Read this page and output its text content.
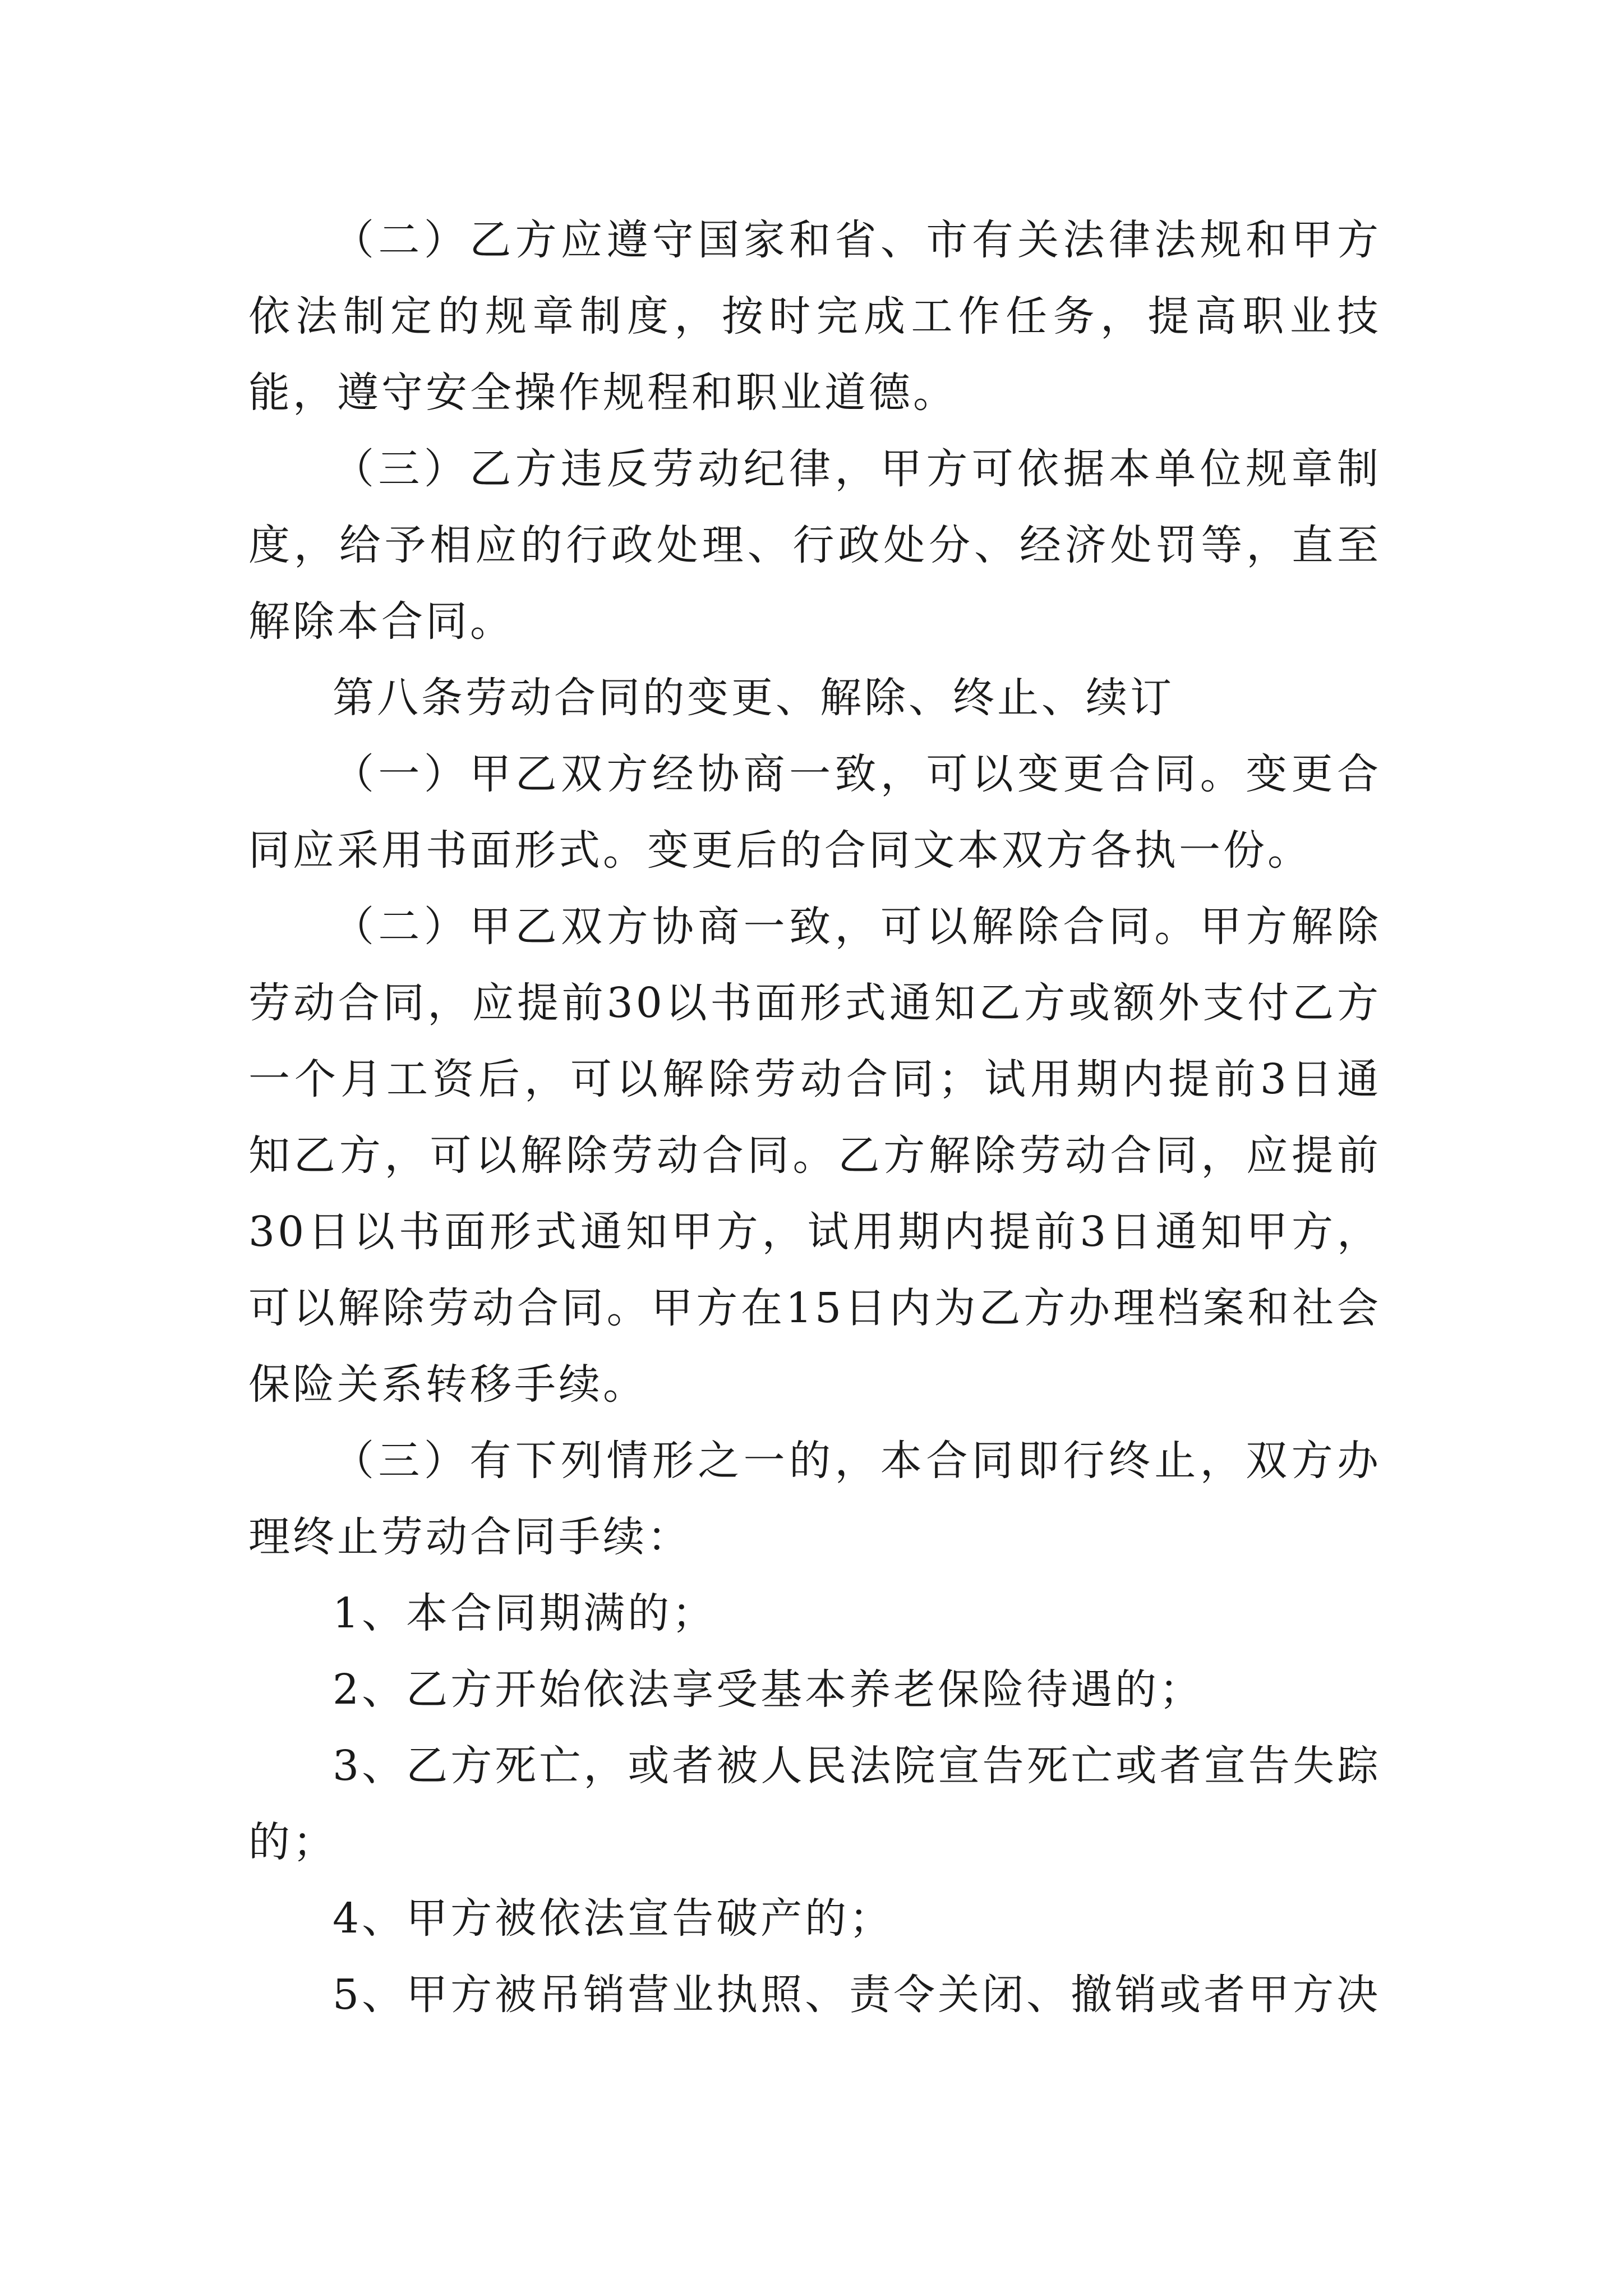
（二）乙方应遵守国家和省、市有关法律法规和甲方依法制定的规章制度，按时完成工作任务，提高职业技能，遵守安全操作规程和职业道德。

（三）乙方违反劳动纪律，甲方可依据本单位规章制度，给予相应的行政处理、行政处分、经济处罚等，直至解除本合同。

第八条劳动合同的变更、解除、终止、续订

（一）甲乙双方经协商一致，可以变更合同。变更合同应采用书面形式。变更后的合同文本双方各执一份。

（二）甲乙双方协商一致，可以解除合同。甲方解除劳动合同，应提前30以书面形式通知乙方或额外支付乙方一个月工资后，可以解除劳动合同；试用期内提前3日通知乙方，可以解除劳动合同。乙方解除劳动合同，应提前30日以书面形式通知甲方，试用期内提前3日通知甲方，可以解除劳动合同。甲方在15日内为乙方办理档案和社会保险关系转移手续。

（三）有下列情形之一的，本合同即行终止，双方办理终止劳动合同手续：

1、本合同期满的；

2、乙方开始依法享受基本养老保险待遇的；

3、乙方死亡，或者被人民法院宣告死亡或者宣告失踪的；

4、甲方被依法宣告破产的；

5、甲方被吊销营业执照、责令关闭、撤销或者甲方决
